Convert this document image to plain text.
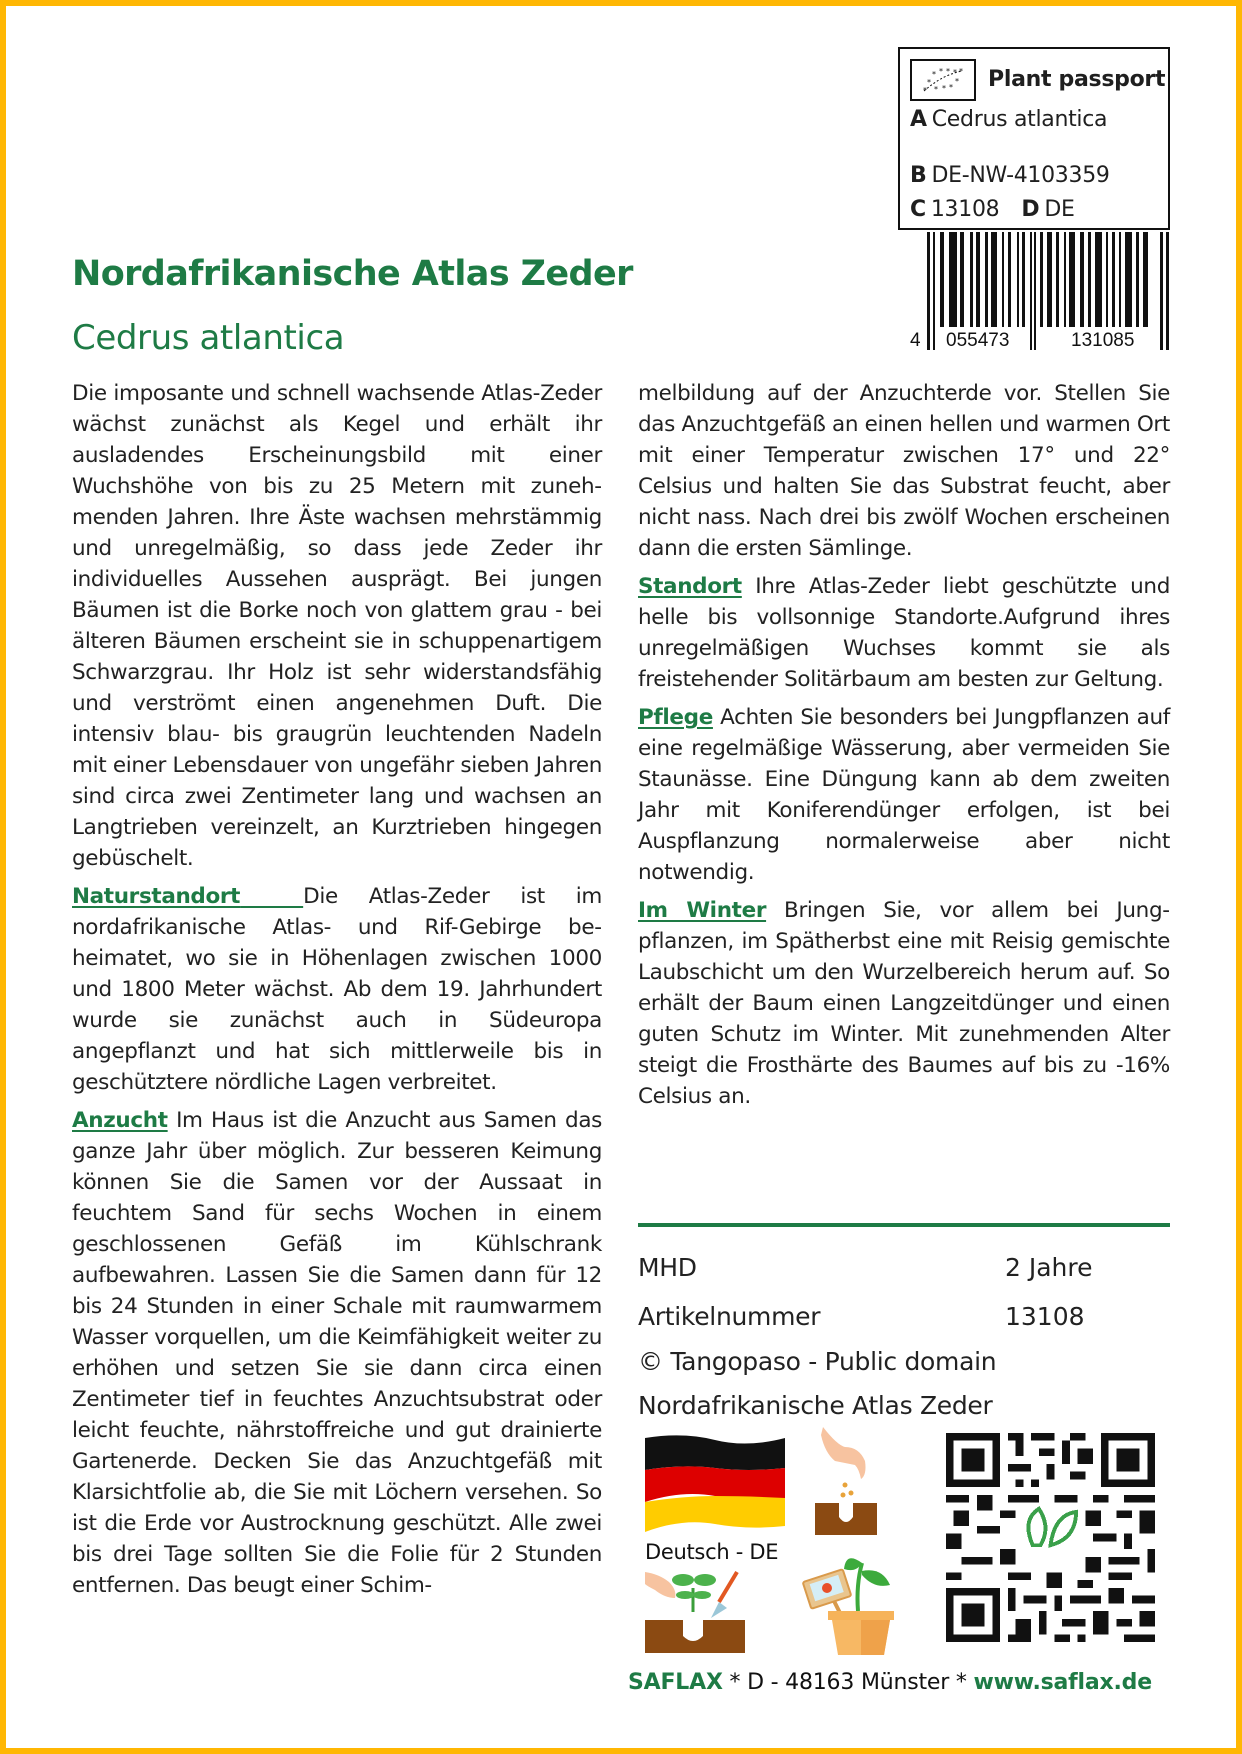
* * * * *
*
* * * *
* Plant passport
A Cedrus atlantica
B DE-NW-4103359
C 13108 D DE
4 055473	131085
Nordafrikanische Atlas Zeder
Cedrus atlantica

Die imposante und schnell wachsende Atlas-Zeder wächst zunächst als Kegel und erhält ihr ausladendes Erscheinungsbild mit einer Wuchshöhe von bis zu 25 Metern mit zunehmenden Jahren. Ihre Äste wachsen mehrstämmig und unregelmäßig, so dass jede Zeder ihr individuelles Aussehen ausprägt. Bei jungen Bäumen ist die Borke noch von glattem grau - bei älteren Bäumen erscheint sie in schuppenartigem Schwarzgrau. Ihr Holz ist sehr widerstandsfähig und verströmt einen angenehmen Duft. Die intensiv blau- bis graugrün leuchtenden Nadeln mit einer Lebensdauer von ungefähr sieben Jahren sind circa zwei Zentimeter lang und wachsen an Langtrieben vereinzelt, an Kurztrieben hingegen gebüschelt.

Naturstandort	Die Atlas-Zeder ist im nordafrikanische Atlas- und Rif-Gebirge beheimatet, wo sie in Höhenlagen zwischen 1000 und 1800 Meter wächst. Ab dem 19. Jahrhundert wurde sie zunächst auch in Südeuropa angepflanzt und hat sich mittlerweile bis in geschütztere nördliche Lagen verbreitet.

Anzucht Im Haus ist die Anzucht aus Samen das ganze Jahr über möglich. Zur besseren Keimung können Sie die Samen vor der Aussaat in feuchtem Sand für sechs Wochen in einem geschlossenen Gefäß im Kühlschrank aufbewahren. Lassen Sie die Samen dann für 12 bis 24 Stunden in einer Schale mit raumwarmem Wasser vorquellen, um die Keimfähigkeit weiter zu erhöhen und setzen Sie sie dann circa einen Zentimeter tief in feuchtes Anzuchtsubstrat oder leicht feuchte, nährstoffreiche und gut drainierte Gartenerde. Decken Sie das Anzuchtgefäß mit Klarsichtfolie ab, die Sie mit Löchern versehen. So ist die Erde vor Austrocknung geschützt. Alle zwei bis drei Tage sollten Sie die Folie für 2 Stunden entfernen. Das beugt einer Schim-

melbildung auf der Anzuchterde vor. Stellen Sie das Anzuchtgefäß an einen hellen und warmen Ort mit einer Temperatur zwischen 17° und 22° Celsius und halten Sie das Substrat feucht, aber nicht nass. Nach drei bis zwölf Wochen erscheinen dann die ersten Sämlinge.

Standort Ihre Atlas-Zeder liebt geschützte und helle bis vollsonnige Standorte.Aufgrund ihres unregelmäßigen Wuchses kommt sie als freistehender Solitärbaum am besten zur Geltung.

Pflege Achten Sie besonders bei Jungpflanzen auf eine regelmäßige Wässerung, aber vermeiden Sie Staunässe. Eine Düngung kann ab dem zweiten Jahr mit Koniferendünger erfolgen, ist bei Auspflanzung normalerweise aber nicht notwendig.

Im Winter Bringen Sie, vor allem bei Jungpflanzen, im Spätherbst eine mit Reisig gemischte Laubschicht um den Wurzelbereich herum auf. So erhält der Baum einen Langzeitdünger und einen guten Schutz im Winter. Mit zunehmenden Alter steigt die Frosthärte des Baumes auf bis zu -16% Celsius an.

MHD	2 Jahre
Artikelnummer	13108
© Tangopaso - Public domain
Nordafrikanische Atlas Zeder
Deutsch - DE
SAFLAX * D - 48163 Münster * www.saflax.de
